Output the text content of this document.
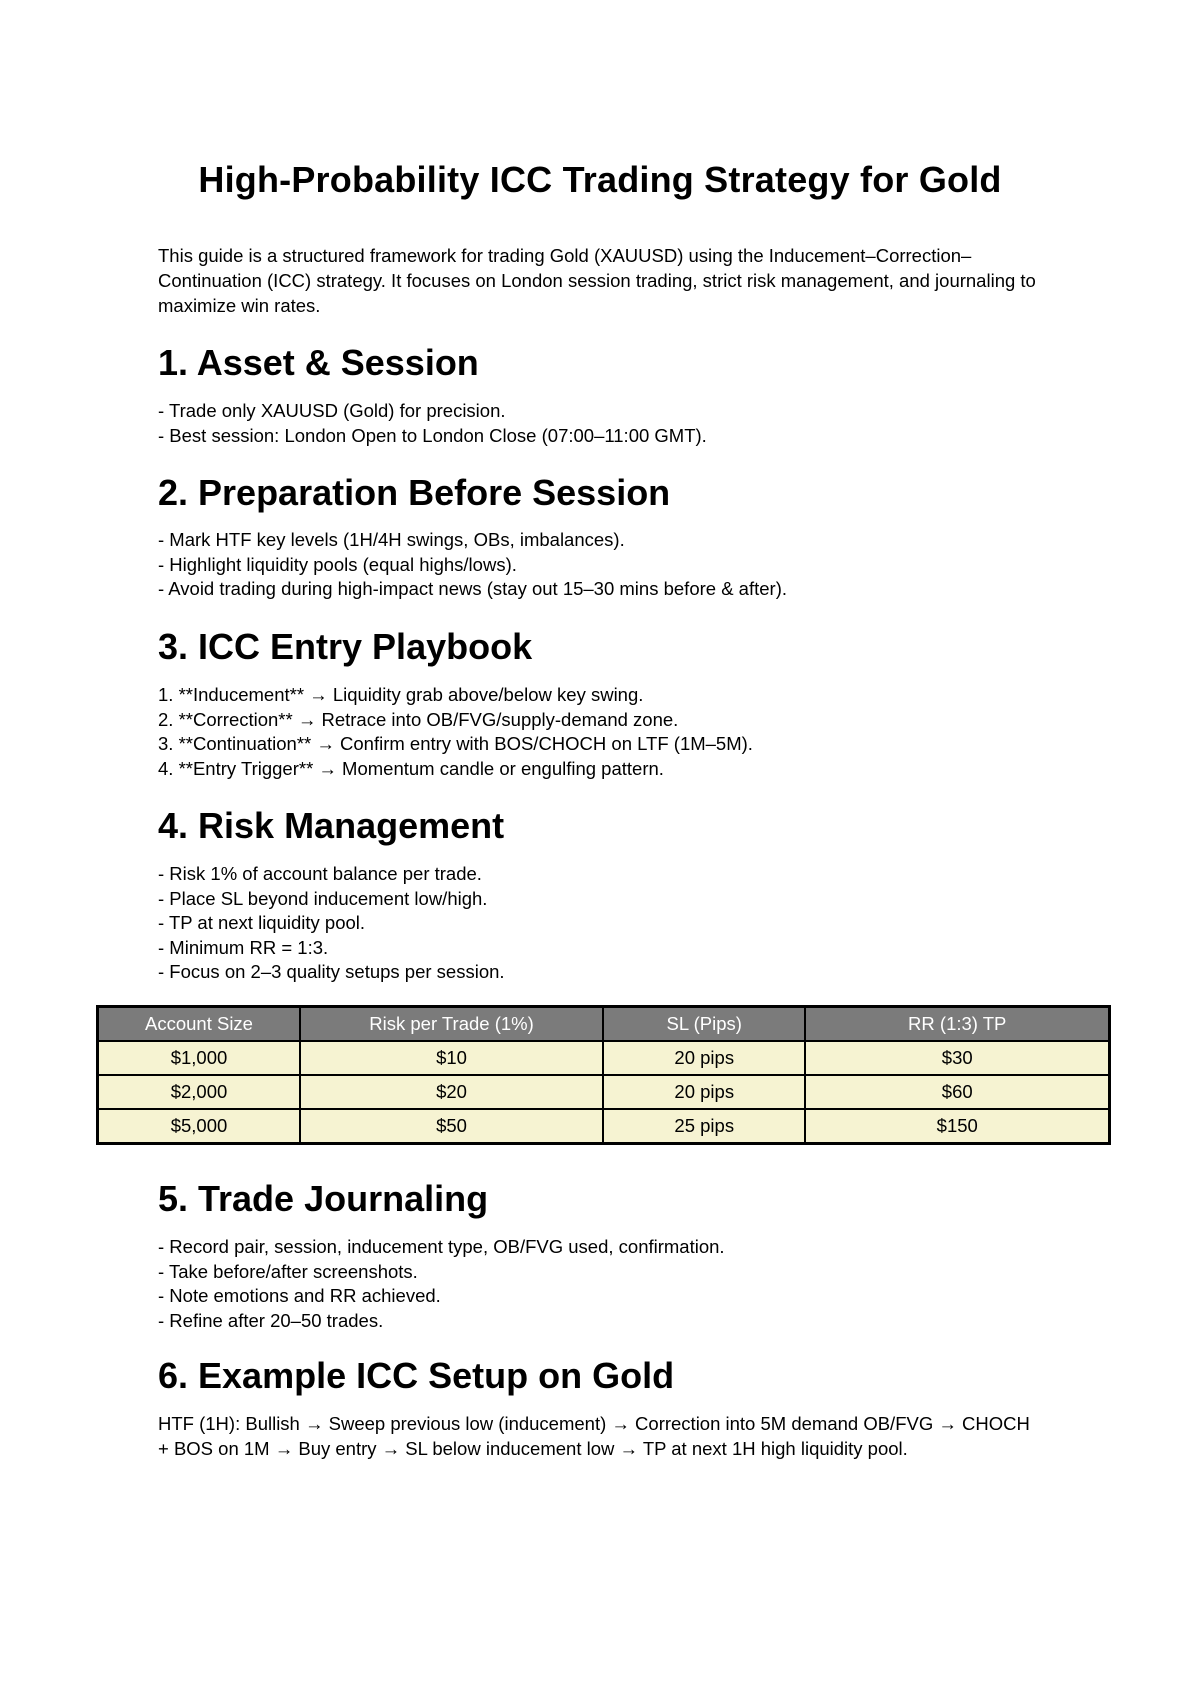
High-Probability ICC Trading Strategy for Gold
This guide is a structured framework for trading Gold (XAUUSD) using the Inducement–Correction–Continuation (ICC) strategy. It focuses on London session trading, strict risk management, and journaling to maximize win rates.
1. Asset & Session
- Trade only XAUUSD (Gold) for precision.
- Best session: London Open to London Close (07:00–11:00 GMT).
2. Preparation Before Session
- Mark HTF key levels (1H/4H swings, OBs, imbalances).
- Highlight liquidity pools (equal highs/lows).
- Avoid trading during high-impact news (stay out 15–30 mins before & after).
3. ICC Entry Playbook
1. **Inducement** → Liquidity grab above/below key swing.
2. **Correction** → Retrace into OB/FVG/supply-demand zone.
3. **Continuation** → Confirm entry with BOS/CHOCH on LTF (1M–5M).
4. **Entry Trigger** → Momentum candle or engulfing pattern.
4. Risk Management
- Risk 1% of account balance per trade.
- Place SL beyond inducement low/high.
- TP at next liquidity pool.
- Minimum RR = 1:3.
- Focus on 2–3 quality setups per session.
Account Size	Risk per Trade (1%)	SL (Pips)	RR (1:3) TP
$1,000	$10	20 pips	$30
$2,000	$20	20 pips	$60
$5,000	$50	25 pips	$150
5. Trade Journaling
- Record pair, session, inducement type, OB/FVG used, confirmation.
- Take before/after screenshots.
- Note emotions and RR achieved.
- Refine after 20–50 trades.
6. Example ICC Setup on Gold
HTF (1H): Bullish → Sweep previous low (inducement) → Correction into 5M demand OB/FVG → CHOCH + BOS on 1M → Buy entry → SL below inducement low → TP at next 1H high liquidity pool.
